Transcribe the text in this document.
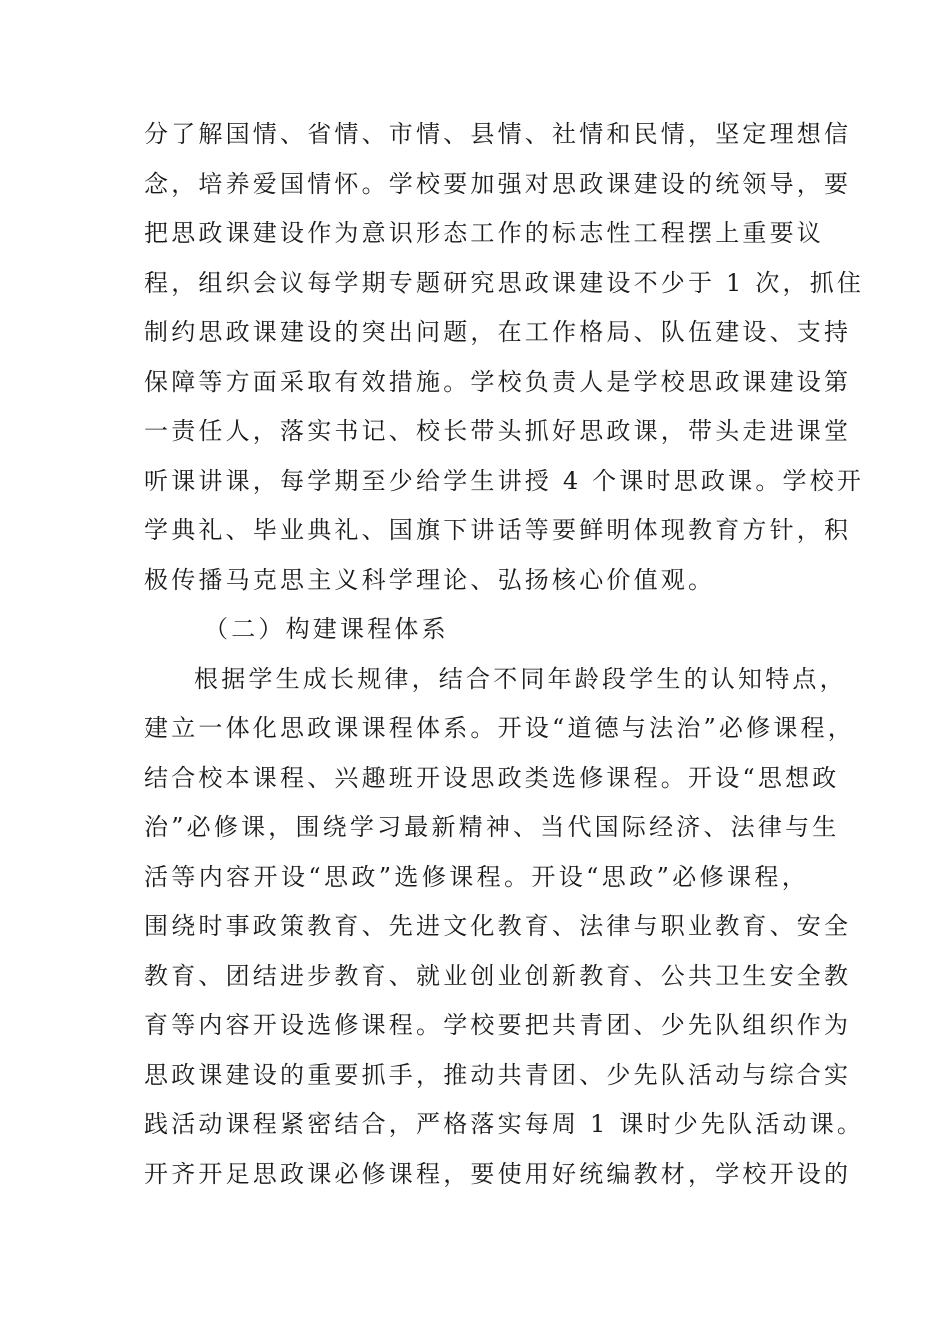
分了解国情、省情、市情、县情、社情和民情，坚定理想信
念，培养爱国情怀。学校要加强对思政课建设的统领导，要
把思政课建设作为意识形态工作的标志性工程摆上重要议
程，组织会议每学期专题研究思政课建设不少于 1 次，抓住
制约思政课建设的突出问题，在工作格局、队伍建设、支持
保障等方面采取有效措施。学校负责人是学校思政课建设第
一责任人，落实书记、校长带头抓好思政课，带头走进课堂
听课讲课，每学期至少给学生讲授 4 个课时思政课。学校开
学典礼、毕业典礼、国旗下讲话等要鲜明体现教育方针，积
极传播马克思主义科学理论、弘扬核心价值观。
（二）构建课程体系
根据学生成长规律，结合不同年龄段学生的认知特点，
建立一体化思政课课程体系。开设“道德与法治”必修课程，
结合校本课程、兴趣班开设思政类选修课程。开设“思想政
治”必修课，围绕学习最新精神、当代国际经济、法律与生
活等内容开设“思政”选修课程。开设“思政”必修课程，
围绕时事政策教育、先进文化教育、法律与职业教育、安全
教育、团结进步教育、就业创业创新教育、公共卫生安全教
育等内容开设选修课程。学校要把共青团、少先队组织作为
思政课建设的重要抓手，推动共青团、少先队活动与综合实
践活动课程紧密结合，严格落实每周 1 课时少先队活动课。
开齐开足思政课必修课程，要使用好统编教材，学校开设的
